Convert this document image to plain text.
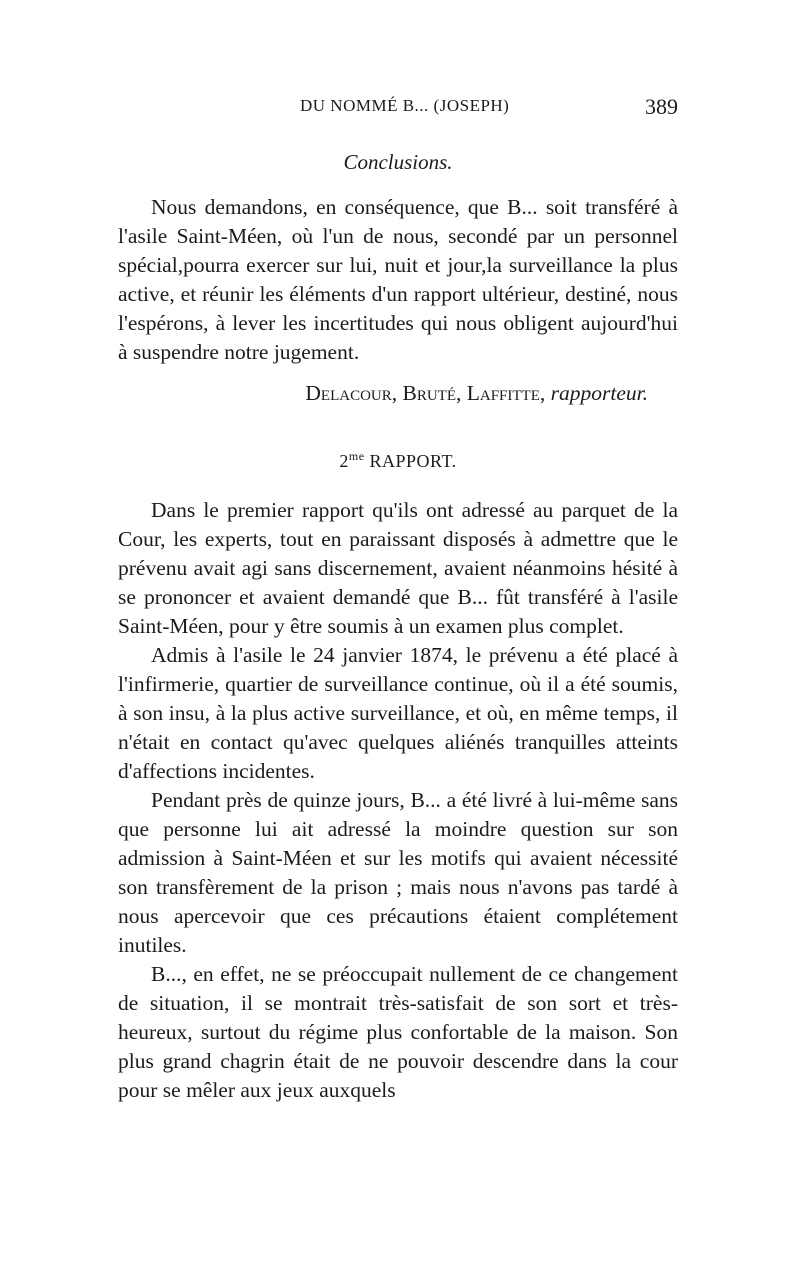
DU NOMMÉ B... (JOSEPH)	389

Conclusions.

Nous demandons, en conséquence, que B... soit transféré à l'asile Saint-Méen, où l'un de nous, secondé par un personnel spécial,pourra exercer sur lui, nuit et jour,la surveillance la plus active, et réunir les éléments d'un rapport ultérieur, destiné, nous l'espérons, à lever les incertitudes qui nous obligent aujourd'hui à suspendre notre jugement.

Delacour, Bruté, Laffitte, rapporteur.

$2^{me}$ RAPPORT.

Dans le premier rapport qu'ils ont adressé au parquet de la Cour, les experts, tout en paraissant disposés à admettre que le prévenu avait agi sans discernement, avaient néanmoins hésité à se prononcer et avaient demandé que B... fût transféré à l'asile Saint-Méen, pour y être soumis à un examen plus complet.

Admis à l'asile le 24 janvier 1874, le prévenu a été placé à l'infirmerie, quartier de surveillance continue, où il a été soumis, à son insu, à la plus active surveillance, et où, en même temps, il n'était en contact qu'avec quelques aliénés tranquilles atteints d'affections incidentes.

Pendant près de quinze jours, B... a été livré à lui-même sans que personne lui ait adressé la moindre question sur son admission à Saint-Méen et sur les motifs qui avaient nécessité son transfèrement de la prison ; mais nous n'avons pas tardé à nous apercevoir que ces précautions étaient complétement inutiles.

B..., en effet, ne se préoccupait nullement de ce changement de situation, il se montrait très-satisfait de son sort et très-heureux, surtout du régime plus confortable de la maison. Son plus grand chagrin était de ne pouvoir descendre dans la cour pour se mêler aux jeux auxquels
